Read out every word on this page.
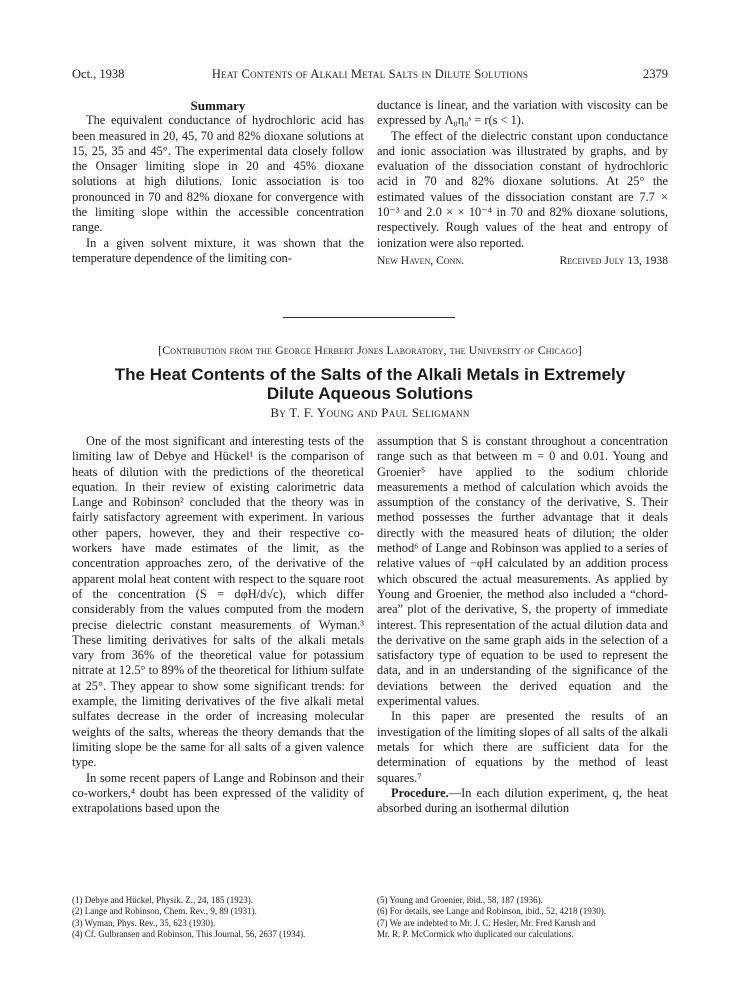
Oct., 1938	Heat Contents of Alkali Metal Salts in Dilute Solutions	2379

Summary

The equivalent conductance of hydrochloric acid has been measured in 20, 45, 70 and 82% dioxane solutions at 15, 25, 35 and 45°. The experimental data closely follow the Onsager limiting slope in 20 and 45% dioxane solutions at high dilutions. Ionic association is too pronounced in 70 and 82% dioxane for convergence with the limiting slope within the accessible concentration range.

In a given solvent mixture, it was shown that the temperature dependence of the limiting con-

ductance is linear, and the variation with viscosity can be expressed by Λ₀η₀ˢ = r(s < 1).

The effect of the dielectric constant upon conductance and ionic association was illustrated by graphs, and by evaluation of the dissociation constant of hydrochloric acid in 70 and 82% dioxane solutions. At 25° the estimated values of the dissociation constant are 7.7 × 10⁻³ and 2.0 × × 10⁻⁴ in 70 and 82% dioxane solutions, respectively. Rough values of the heat and entropy of ionization were also reported.

New Haven, Conn.	Received July 13, 1938
[Contribution from the George Herbert Jones Laboratory, the University of Chicago]
The Heat Contents of the Salts of the Alkali Metals in Extremely Dilute Aqueous Solutions
By T. F. Young and Paul Seligmann

One of the most significant and interesting tests of the limiting law of Debye and Hückel¹ is the comparison of heats of dilution with the predictions of the theoretical equation. In their review of existing calorimetric data Lange and Robinson² concluded that the theory was in fairly satisfactory agreement with experiment. In various other papers, however, they and their respective co-workers have made estimates of the limit, as the concentration approaches zero, of the derivative of the apparent molal heat content with respect to the square root of the concentration (S = dφH/d√c), which differ considerably from the values computed from the modern precise dielectric constant measurements of Wyman.³ These limiting derivatives for salts of the alkali metals vary from 36% of the theoretical value for potassium nitrate at 12.5° to 89% of the theoretical for lithium sulfate at 25°. They appear to show some significant trends: for example, the limiting derivatives of the five alkali metal sulfates decrease in the order of increasing molecular weights of the salts, whereas the theory demands that the limiting slope be the same for all salts of a given valence type.

In some recent papers of Lange and Robinson and their co-workers,⁴ doubt has been expressed of the validity of extrapolations based upon the

assumption that S is constant throughout a concentration range such as that between m = 0 and 0.01. Young and Groenier⁵ have applied to the sodium chloride measurements a method of calculation which avoids the assumption of the constancy of the derivative, S. Their method possesses the further advantage that it deals directly with the measured heats of dilution; the older method⁶ of Lange and Robinson was applied to a series of relative values of −φH calculated by an addition process which obscured the actual measurements. As applied by Young and Groenier, the method also included a “chord-area” plot of the derivative, S, the property of immediate interest. This representation of the actual dilution data and the derivative on the same graph aids in the selection of a satisfactory type of equation to be used to represent the data, and in an understanding of the significance of the deviations between the derived equation and the experimental values.

In this paper are presented the results of an investigation of the limiting slopes of all salts of the alkali metals for which there are sufficient data for the determination of equations by the method of least squares.⁷

Procedure.—In each dilution experiment, q, the heat absorbed during an isothermal dilution

(1) Debye and Hückel, Physik. Z., 24, 185 (1923).
(2) Lange and Robinson, Chem. Rev., 9, 89 (1931).
(3) Wyman, Phys. Rev., 35, 623 (1930).
(4) Cf. Gulbransen and Robinson, This Journal, 56, 2637 (1934).
(5) Young and Groenier, ibid., 58, 187 (1936).
(6) For details, see Lange and Robinson, ibid., 52, 4218 (1930).
(7) We are indebted to Mr. J. C. Hesler, Mr. Fred Karush and
Mr. R. P. McCormick who duplicated our calculations.
